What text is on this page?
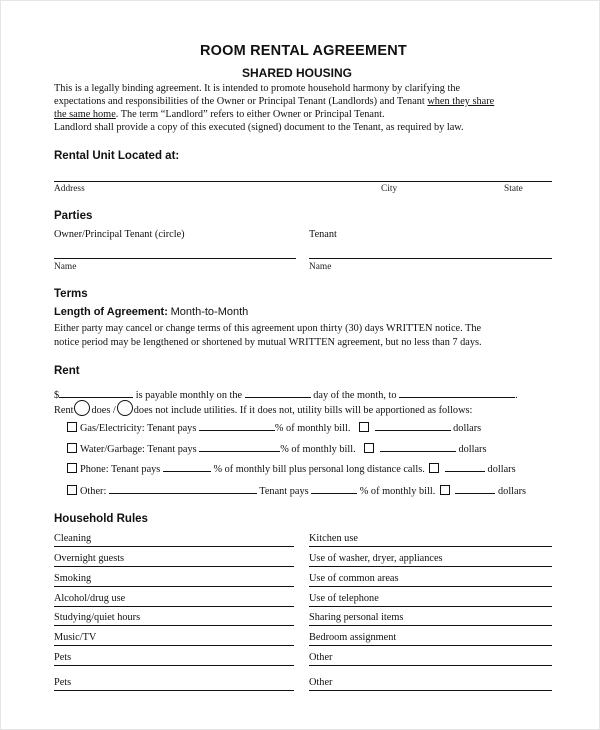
ROOM RENTAL AGREEMENT
SHARED HOUSING
This is a legally binding agreement. It is intended to promote household harmony by clarifying the
expectations and responsibilities of the Owner or Principal Tenant (Landlords) and Tenant when they share
the same home. The term “Landlord” refers to either Owner or Principal Tenant.
Landlord shall provide a copy of this executed (signed) document to the Tenant, as required by law.
Rental Unit Located at:
Address	City	State
Parties
Owner/Principal Tenant (circle)	Tenant
Name	Name
Terms
Length of Agreement: Month-to-Month
Either party may cancel or change terms of this agreement upon thirty (30) days WRITTEN notice. The
notice period may be lengthened or shortened by mutual WRITTEN agreement, but no less than 7 days.
Rent
$	is payable monthly on the	day of the month, to	.
Rent does / does not include utilities. If it does not, utility bills will be apportioned as follows:
Gas/Electricity: Tenant pays	% of monthly bill.	dollars
Water/Garbage: Tenant pays	% of monthly bill.	dollars
Phone: Tenant pays	% of monthly bill plus personal long distance calls.	dollars
Other:	Tenant pays	% of monthly bill.	dollars
Household Rules
Cleaning	Kitchen use
Overnight guests	Use of washer, dryer, appliances
Smoking	Use of common areas
Alcohol/drug use	Use of telephone
Studying/quiet hours	Sharing personal items
Music/TV	Bedroom assignment
Pets	Other
Pets	Other
